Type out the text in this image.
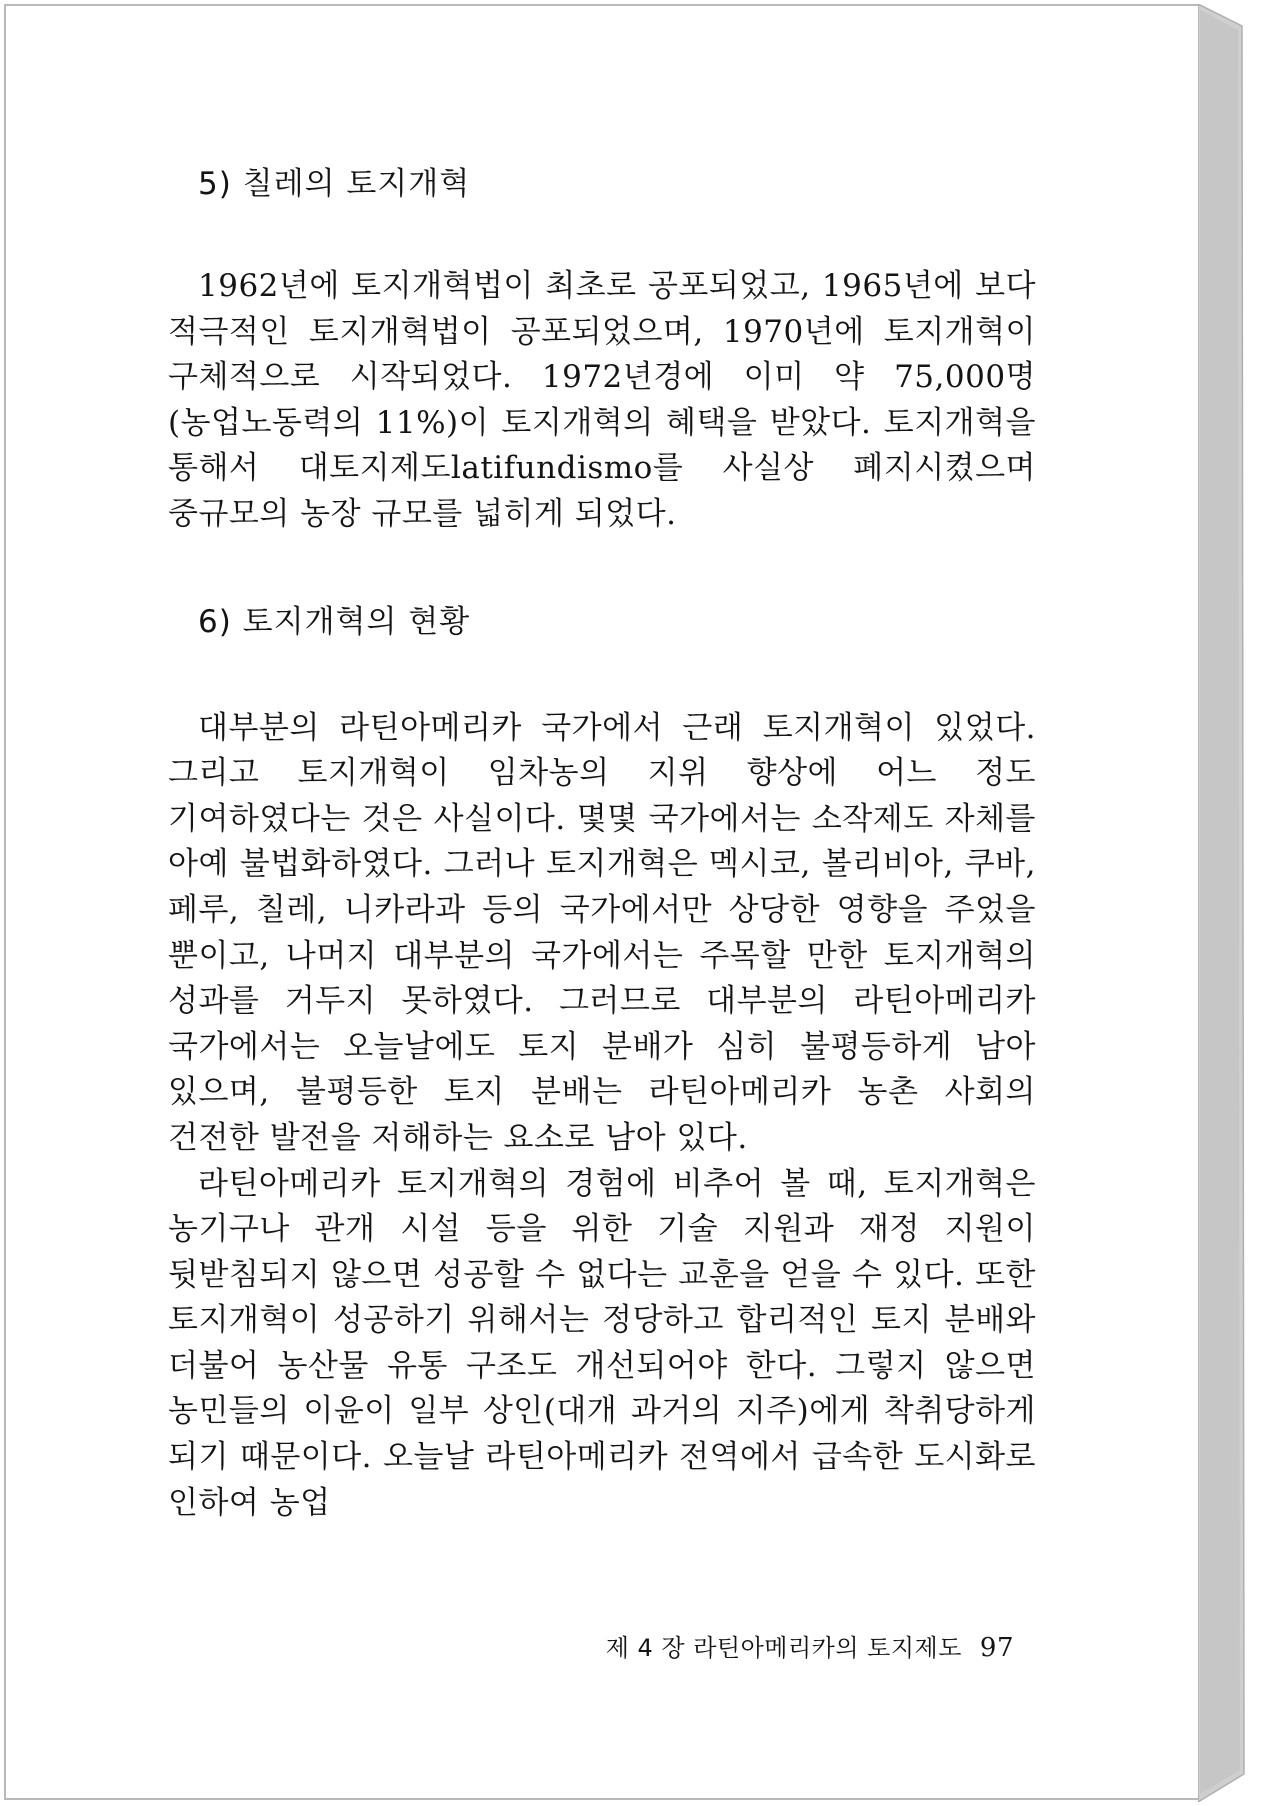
5) 칠레의 토지개혁

1962년에 토지개혁법이 최초로 공포되었고, 1965년에 보다 적극적인 토지개혁법이 공포되었으며, 1970년에 토지개혁이 구체적으로 시작되었다. 1972년경에 이미 약 75,000명(농업노동력의 11%)이 토지개혁의 혜택을 받았다. 토지개혁을 통해서 대토지제도latifundismo를 사실상 폐지시켰으며 중규모의 농장 규모를 넓히게 되었다.

6) 토지개혁의 현황

대부분의 라틴아메리카 국가에서 근래 토지개혁이 있었다. 그리고 토지개혁이 임차농의 지위 향상에 어느 정도 기여하였다는 것은 사실이다. 몇몇 국가에서는 소작제도 자체를 아예 불법화하였다. 그러나 토지개혁은 멕시코, 볼리비아, 쿠바, 페루, 칠레, 니카라과 등의 국가에서만 상당한 영향을 주었을 뿐이고, 나머지 대부분의 국가에서는 주목할 만한 토지개혁의 성과를 거두지 못하였다. 그러므로 대부분의 라틴아메리카 국가에서는 오늘날에도 토지 분배가 심히 불평등하게 남아 있으며, 불평등한 토지 분배는 라틴아메리카 농촌 사회의 건전한 발전을 저해하는 요소로 남아 있다.

라틴아메리카 토지개혁의 경험에 비추어 볼 때, 토지개혁은 농기구나 관개 시설 등을 위한 기술 지원과 재정 지원이 뒷받침되지 않으면 성공할 수 없다는 교훈을 얻을 수 있다. 또한 토지개혁이 성공하기 위해서는 정당하고 합리적인 토지 분배와 더불어 농산물 유통 구조도 개선되어야 한다. 그렇지 않으면 농민들의 이윤이 일부 상인(대개 과거의 지주)에게 착취당하게 되기 때문이다. 오늘날 라틴아메리카 전역에서 급속한 도시화로 인하여 농업

제 4 장 라틴아메리카의 토지제도 97
